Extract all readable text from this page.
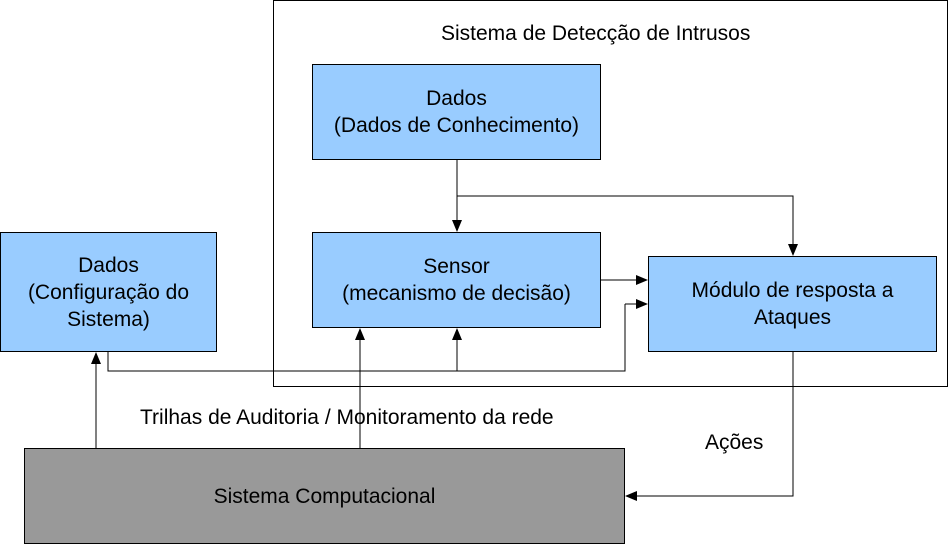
Sistema de Detecção de Intrusos
Dados
(Dados de Conhecimento)
Sensor
(mecanismo de decisão)	Módulo de resposta a
Ataques
Dados
(Configuração do
Sistema)
Sistema Computacional
Trilhas de Auditoria / Monitoramento da rede
Ações
